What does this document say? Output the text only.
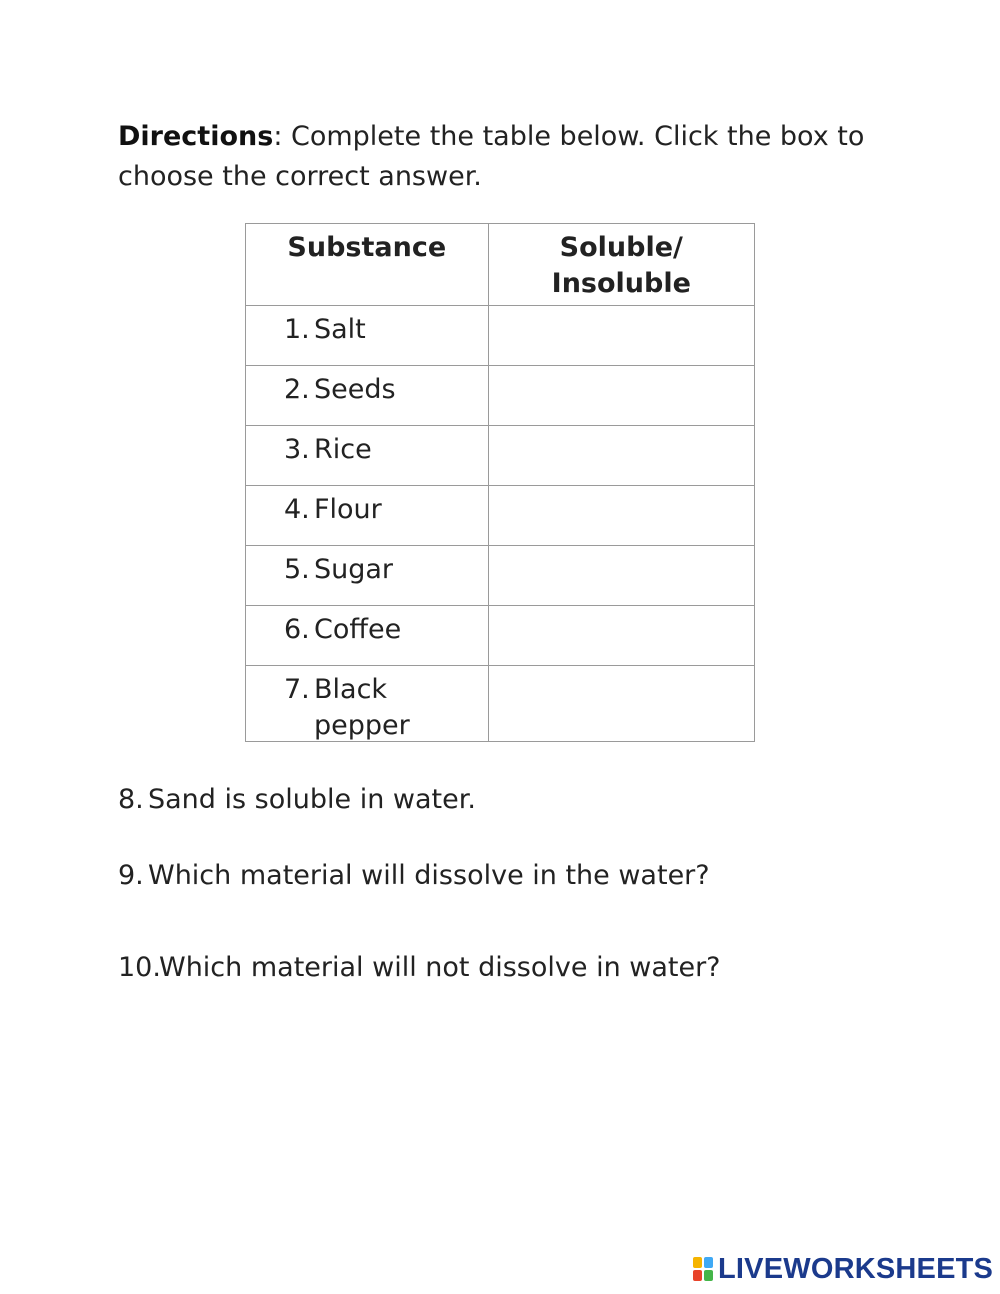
Directions: Complete the table below. Click the box to choose the correct answer.
Substance	Soluble/
Insoluble

1. Salt	

2. Seeds	

3. Rice	

4. Flour	

5. Sugar	

6. Coffee	

7. Black pepper	

8. Sand is soluble in water.
9. Which material will dissolve in the water?
10.Which material will not dissolve in water?
LIVEWORKSHEETS
